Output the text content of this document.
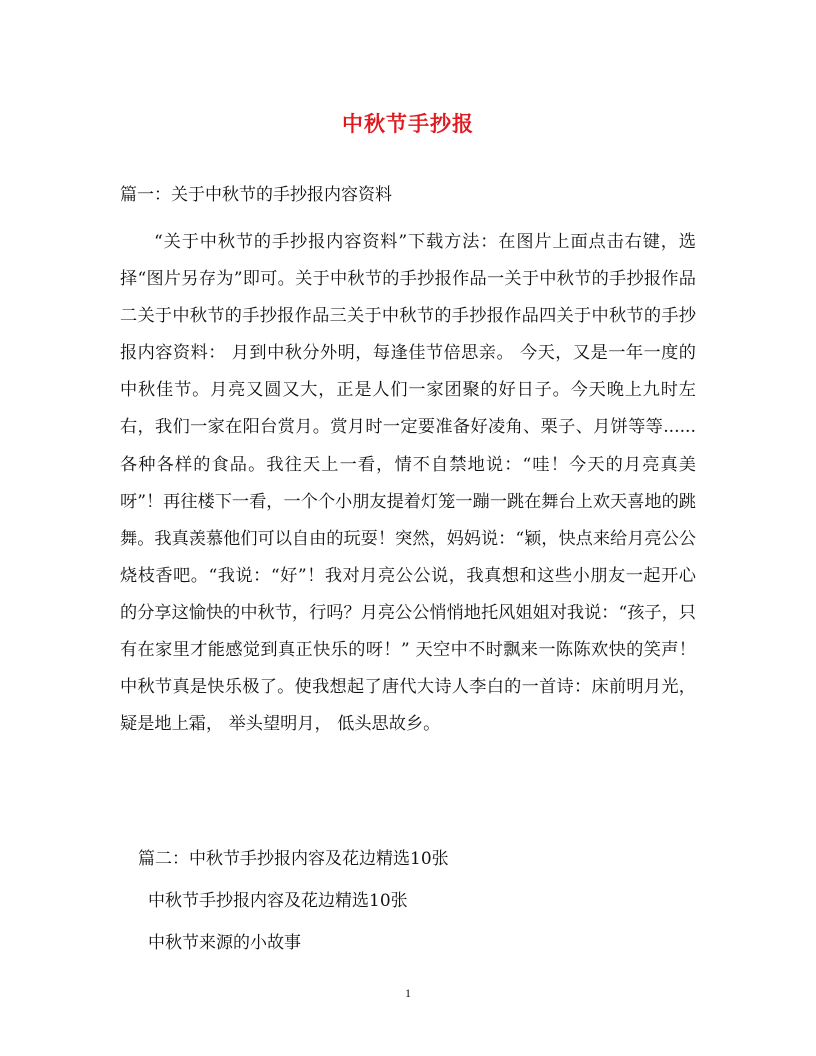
中秋节手抄报
篇一：关于中秋节的手抄报内容资料

“关于中秋节的手抄报内容资料”下载方法：在图片上面点击右键，选择“图片另存为”即可。关于中秋节的手抄报作品一关于中秋节的手抄报作品二关于中秋节的手抄报作品三关于中秋节的手抄报作品四关于中秋节的手抄报内容资料： 月到中秋分外明，每逢佳节倍思亲。 今天，又是一年一度的中秋佳节。月亮又圆又大，正是人们一家团聚的好日子。今天晚上九时左右，我们一家在阳台赏月。赏月时一定要准备好凌角、栗子、月饼等等......各种各样的食品。我往天上一看，情不自禁地说：“哇！今天的月亮真美呀”！再往楼下一看，一个个小朋友提着灯笼一蹦一跳在舞台上欢天喜地的跳舞。我真羡慕他们可以自由的玩耍！突然，妈妈说：“颖，快点来给月亮公公烧枝香吧。“我说：“好”！我对月亮公公说，我真想和这些小朋友一起开心的分享这愉快的中秋节，行吗？月亮公公悄悄地托风姐姐对我说：“孩子，只有在家里才能感觉到真正快乐的呀！” 天空中不时飘来一陈陈欢快的笑声！中秋节真是快乐极了。使我想起了唐代大诗人李白的一首诗：床前明月光， 疑是地上霜， 举头望明月， 低头思故乡。

篇二：中秋节手抄报内容及花边精选10张
中秋节手抄报内容及花边精选10张
中秋节来源的小故事
1
